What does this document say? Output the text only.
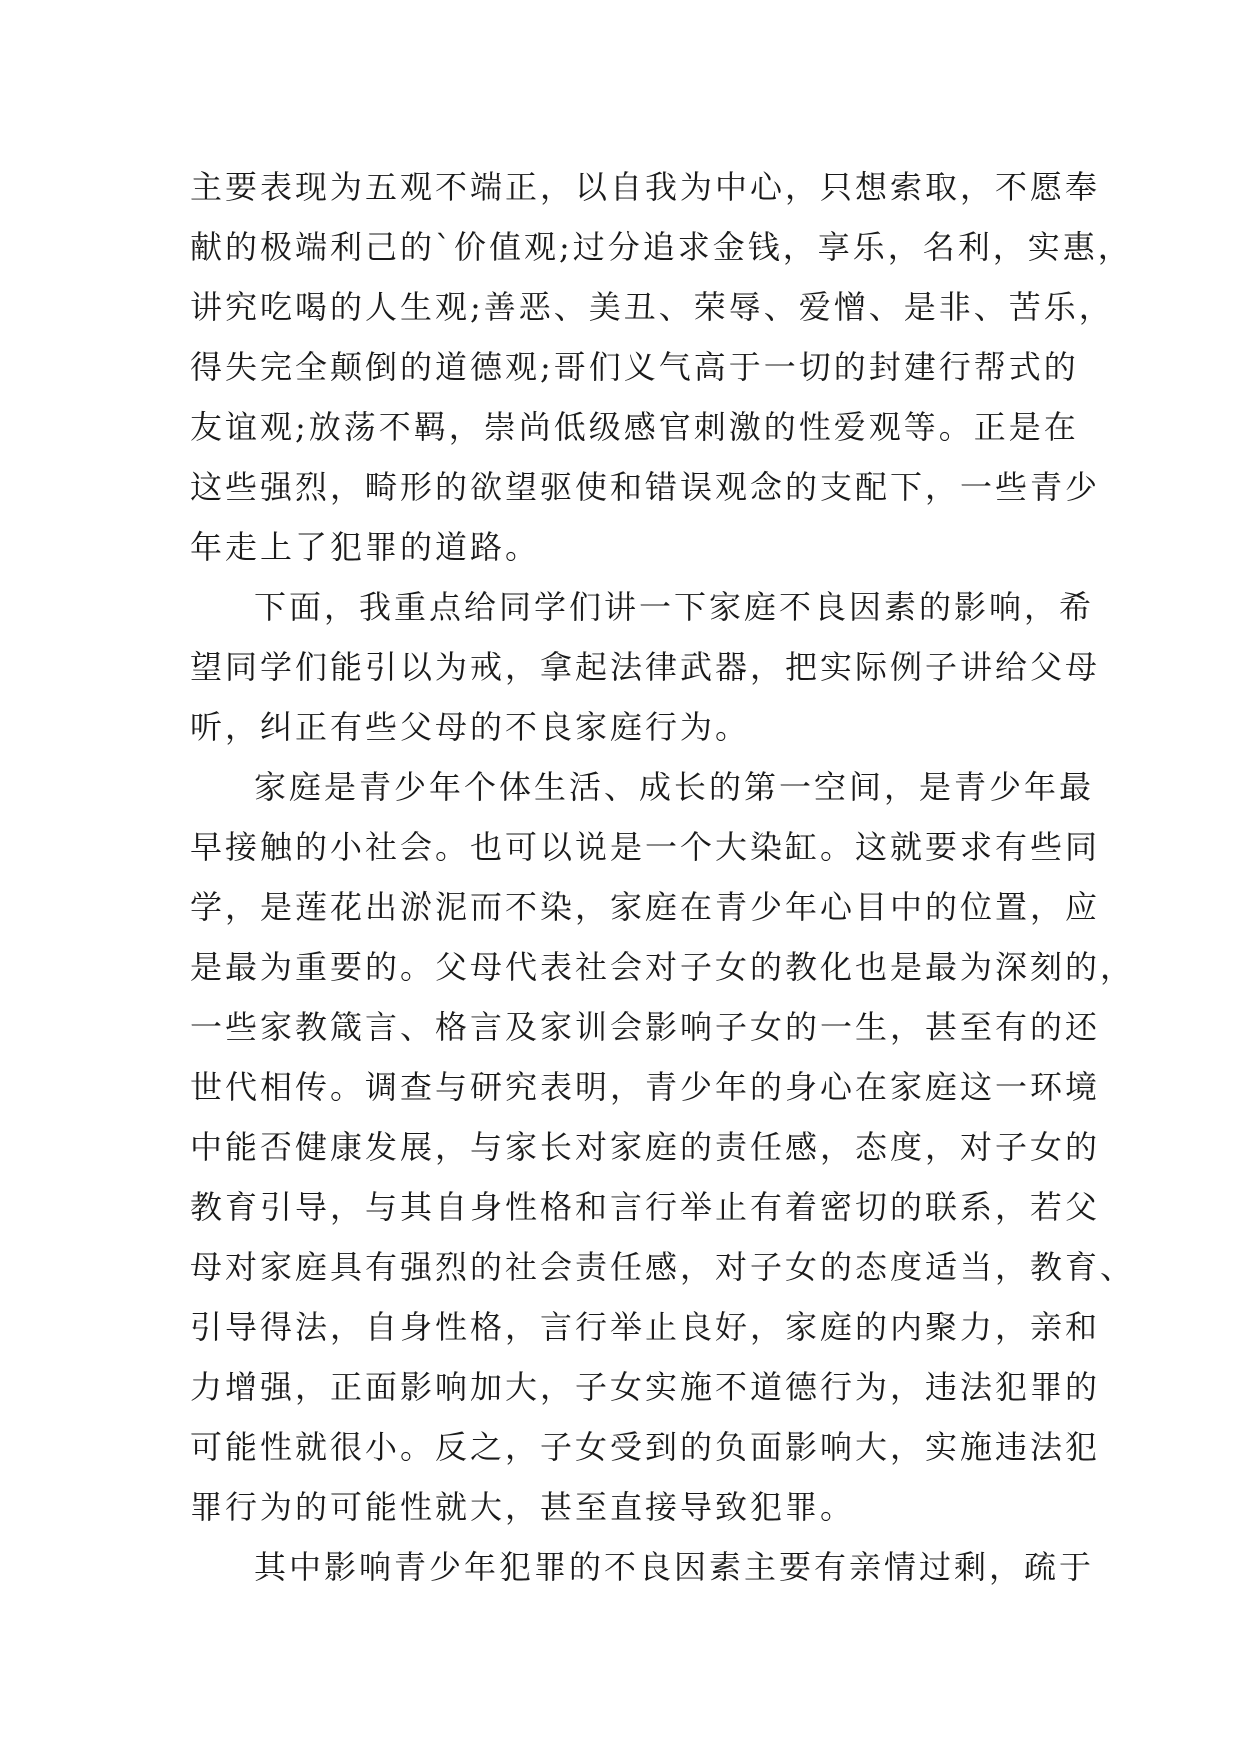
主要表现为五观不端正，以自我为中心，只想索取，不愿奉
献的极端利己的`价值观;过分追求金钱，享乐，名利，实惠，
讲究吃喝的人生观;善恶、美丑、荣辱、爱憎、是非、苦乐，
得失完全颠倒的道德观;哥们义气高于一切的封建行帮式的
友谊观;放荡不羁，崇尚低级感官刺激的性爱观等。正是在
这些强烈，畸形的欲望驱使和错误观念的支配下，一些青少
年走上了犯罪的道路。
下面，我重点给同学们讲一下家庭不良因素的影响，希
望同学们能引以为戒，拿起法律武器，把实际例子讲给父母
听，纠正有些父母的不良家庭行为。
家庭是青少年个体生活、成长的第一空间，是青少年最
早接触的小社会。也可以说是一个大染缸。这就要求有些同
学，是莲花出淤泥而不染，家庭在青少年心目中的位置，应
是最为重要的。父母代表社会对子女的教化也是最为深刻的，
一些家教箴言、格言及家训会影响子女的一生，甚至有的还
世代相传。调查与研究表明，青少年的身心在家庭这一环境
中能否健康发展，与家长对家庭的责任感，态度，对子女的
教育引导，与其自身性格和言行举止有着密切的联系，若父
母对家庭具有强烈的社会责任感，对子女的态度适当，教育、
引导得法，自身性格，言行举止良好，家庭的内聚力，亲和
力增强，正面影响加大，子女实施不道德行为，违法犯罪的
可能性就很小。反之，子女受到的负面影响大，实施违法犯
罪行为的可能性就大，甚至直接导致犯罪。
其中影响青少年犯罪的不良因素主要有亲情过剩，疏于
